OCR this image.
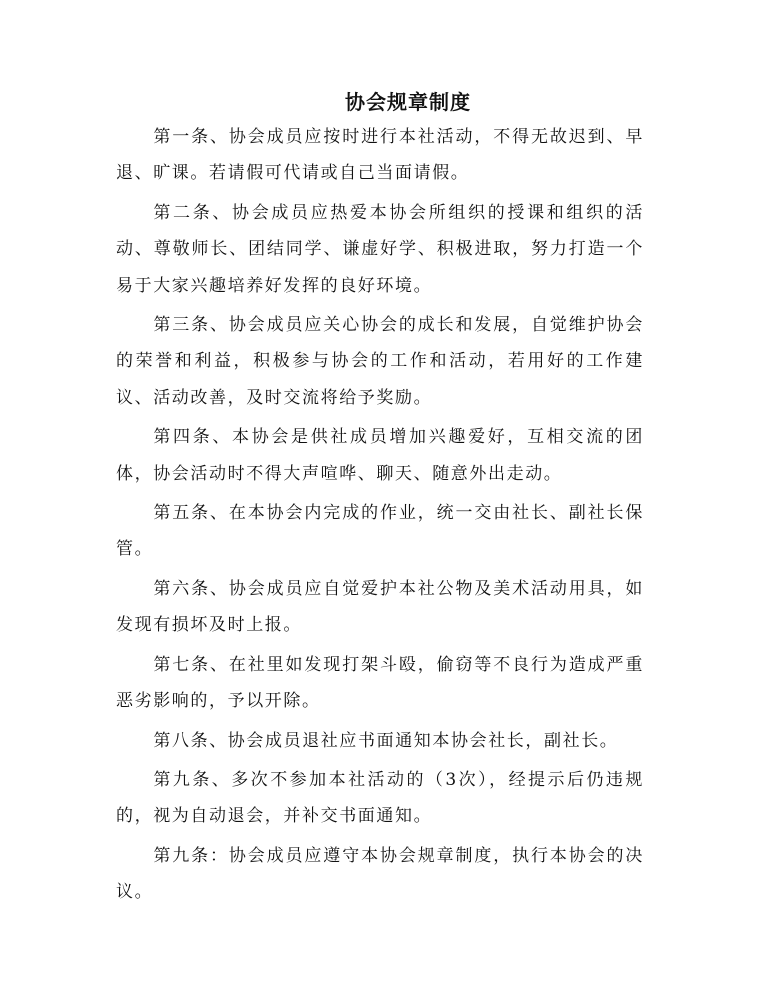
协会规章制度

第一条、协会成员应按时进行本社活动，不得无故迟到、早退、旷课。若请假可代请或自己当面请假。

第二条、协会成员应热爱本协会所组织的授课和组织的活动、尊敬师长、团结同学、谦虚好学、积极进取，努力打造一个易于大家兴趣培养好发挥的良好环境。

第三条、协会成员应关心协会的成长和发展，自觉维护协会的荣誉和利益，积极参与协会的工作和活动，若用好的工作建议、活动改善，及时交流将给予奖励。

第四条、本协会是供社成员增加兴趣爱好，互相交流的团体，协会活动时不得大声喧哗、聊天、随意外出走动。

第五条、在本协会内完成的作业，统一交由社长、副社长保管。

第六条、协会成员应自觉爱护本社公物及美术活动用具，如发现有损坏及时上报。

第七条、在社里如发现打架斗殴，偷窃等不良行为造成严重恶劣影响的，予以开除。

第八条、协会成员退社应书面通知本协会社长，副社长。

第九条、多次不参加本社活动的（3次），经提示后仍违规的，视为自动退会，并补交书面通知。

第九条：协会成员应遵守本协会规章制度，执行本协会的决议。
